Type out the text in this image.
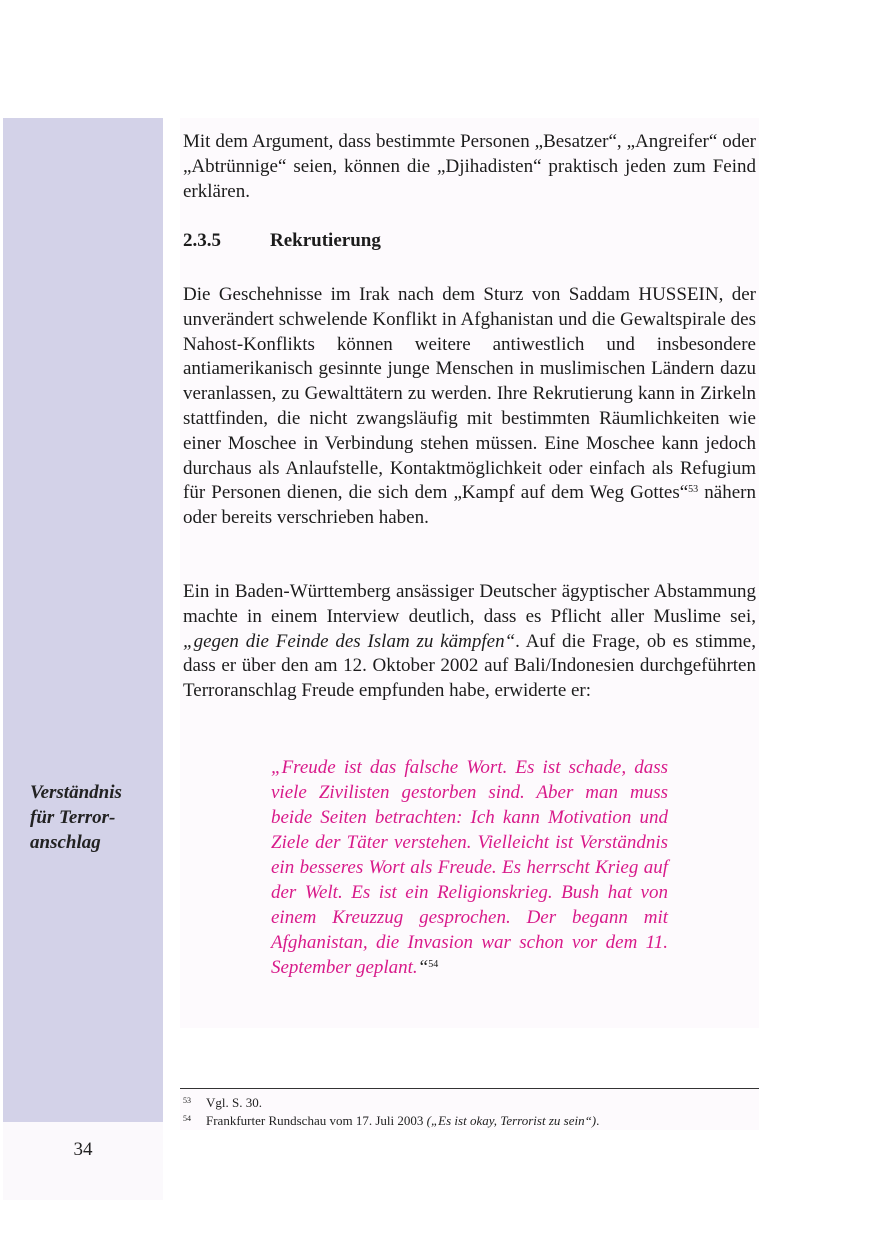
34
Verständnis
für Terror-
anschlag

Mit dem Argument, dass bestimmte Personen „Besatzer“, „Angreifer“ oder „Abtrünnige“ seien, können die „Djihadisten“ praktisch jeden zum Feind erklären.

2.3.5	Rekrutierung

Die Geschehnisse im Irak nach dem Sturz von Saddam HUSSEIN, der unverändert schwelende Konflikt in Afghanistan und die Gewaltspirale des Nahost-Konflikts können weitere antiwestlich und insbesondere antiamerikanisch gesinnte junge Menschen in muslimischen Ländern dazu veranlassen, zu Gewalttätern zu werden. Ihre Rekrutierung kann in Zirkeln stattfinden, die nicht zwangsläufig mit bestimmten Räumlichkeiten wie einer Moschee in Verbindung stehen müssen. Eine Moschee kann jedoch durchaus als Anlaufstelle, Kontaktmöglichkeit oder einfach als Refugium für Personen dienen, die sich dem „Kampf auf dem Weg Gottes“$^{53}$ nähern oder bereits verschrieben haben.

Ein in Baden-Württemberg ansässiger Deutscher ägyptischer Abstammung machte in einem Interview deutlich, dass es Pflicht aller Muslime sei, „gegen die Feinde des Islam zu kämpfen“. Auf die Frage, ob es stimme, dass er über den am 12. Oktober 2002 auf Bali/Indonesien durchgeführten Terroranschlag Freude empfunden habe, erwiderte er:

„Freude ist das falsche Wort. Es ist schade, dass viele Zivilisten gestorben sind. Aber man muss beide Seiten betrachten: Ich kann Motivation und Ziele der Täter verstehen. Vielleicht ist Verständnis ein besseres Wort als Freude. Es herrscht Krieg auf der Welt. Es ist ein Religionskrieg. Bush hat von einem Kreuzzug gesprochen. Der begann mit Afghanistan, die Invasion war schon vor dem 11. September geplant.“$^{54}$

53 Vgl. S. 30.
54 Frankfurter Rundschau vom 17. Juli 2003 („Es ist okay, Terrorist zu sein“).
